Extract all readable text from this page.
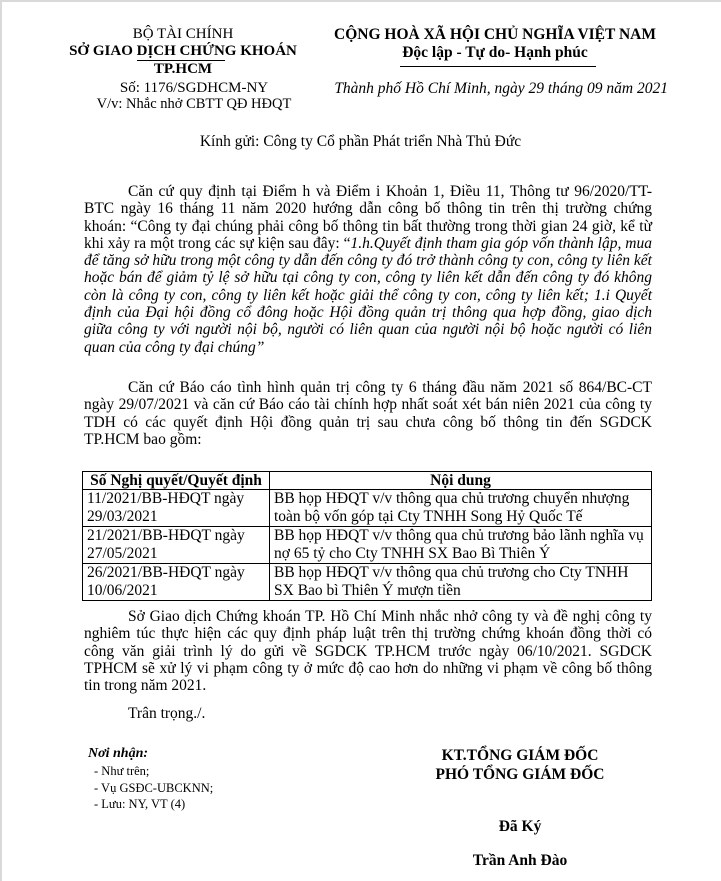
BỘ TÀI CHÍNH
SỞ GIAO DỊCH CHỨNG KHOÁN TP.HCM
CỘNG HOÀ XÃ HỘI CHỦ NGHĨA VIỆT NAM
Độc lập - Tự do- Hạnh phúc
Số: 1176/SGDHCM-NY	Thành phố Hồ Chí Minh, ngày 29 tháng 09 năm 2021
V/v: Nhắc nhở CBTT QĐ HĐQT
Kính gửi: Công ty Cổ phần Phát triển Nhà Thủ Đức
Căn cứ quy định tại Điểm h và Điểm i Khoản 1, Điều 11, Thông tư 96/2020/TT-BTC ngày 16 tháng 11 năm 2020 hướng dẫn công bố thông tin trên thị trường chứng khoán: “Công ty đại chúng phải công bố thông tin bất thường trong thời gian 24 giờ, kể từ khi xảy ra một trong các sự kiện sau đây: “1.h.Quyết định tham gia góp vốn thành lập, mua để tăng sở hữu trong một công ty dẫn đến công ty đó trở thành công ty con, công ty liên kết hoặc bán để giảm tỷ lệ sở hữu tại công ty con, công ty liên kết dẫn đến công ty đó không còn là công ty con, công ty liên kết hoặc giải thể công ty con, công ty liên kết; 1.i Quyết định của Đại hội đồng cổ đông hoặc Hội đồng quản trị thông qua hợp đồng, giao dịch giữa công ty với người nội bộ, người có liên quan của người nội bộ hoặc người có liên quan của công ty đại chúng”
Căn cứ Báo cáo tình hình quản trị công ty 6 tháng đầu năm 2021 số 864/BC-CT ngày 29/07/2021 và căn cứ Báo cáo tài chính hợp nhất soát xét bán niên 2021 của công ty TDH có các quyết định Hội đồng quản trị sau chưa công bố thông tin đến SGDCK TP.HCM bao gồm:
Số Nghị quyết/Quyết định	Nội dung
11/2021/BB-HĐQT ngày 29/03/2021	BB họp HĐQT v/v thông qua chủ trương chuyển nhượng toàn bộ vốn góp tại Cty TNHH Song Hỷ Quốc Tế
21/2021/BB-HĐQT ngày 27/05/2021	BB họp HĐQT v/v thông qua chủ trương bảo lãnh nghĩa vụ nợ 65 tỷ cho Cty TNHH SX Bao Bì Thiên Ý
26/2021/BB-HĐQT ngày 10/06/2021	BB họp HĐQT v/v thông qua chủ trương cho Cty TNHH SX Bao bì Thiên Ý mượn tiền
Sở Giao dịch Chứng khoán TP. Hồ Chí Minh nhắc nhở công ty và đề nghị công ty nghiêm túc thực hiện các quy định pháp luật trên thị trường chứng khoán đồng thời có công văn giải trình lý do gửi về SGDCK TP.HCM trước ngày 06/10/2021. SGDCK TPHCM sẽ xử lý vi phạm công ty ở mức độ cao hơn do những vi phạm về công bố thông tin trong năm 2021.
Trân trọng./.
Nơi nhận:
- Như trên;
- Vụ GSĐC-UBCKNN;
- Lưu: NY, VT (4)
KT.TỔNG GIÁM ĐỐC
PHÓ TỔNG GIÁM ĐỐC
Đã Ký
Trần Anh Đào
